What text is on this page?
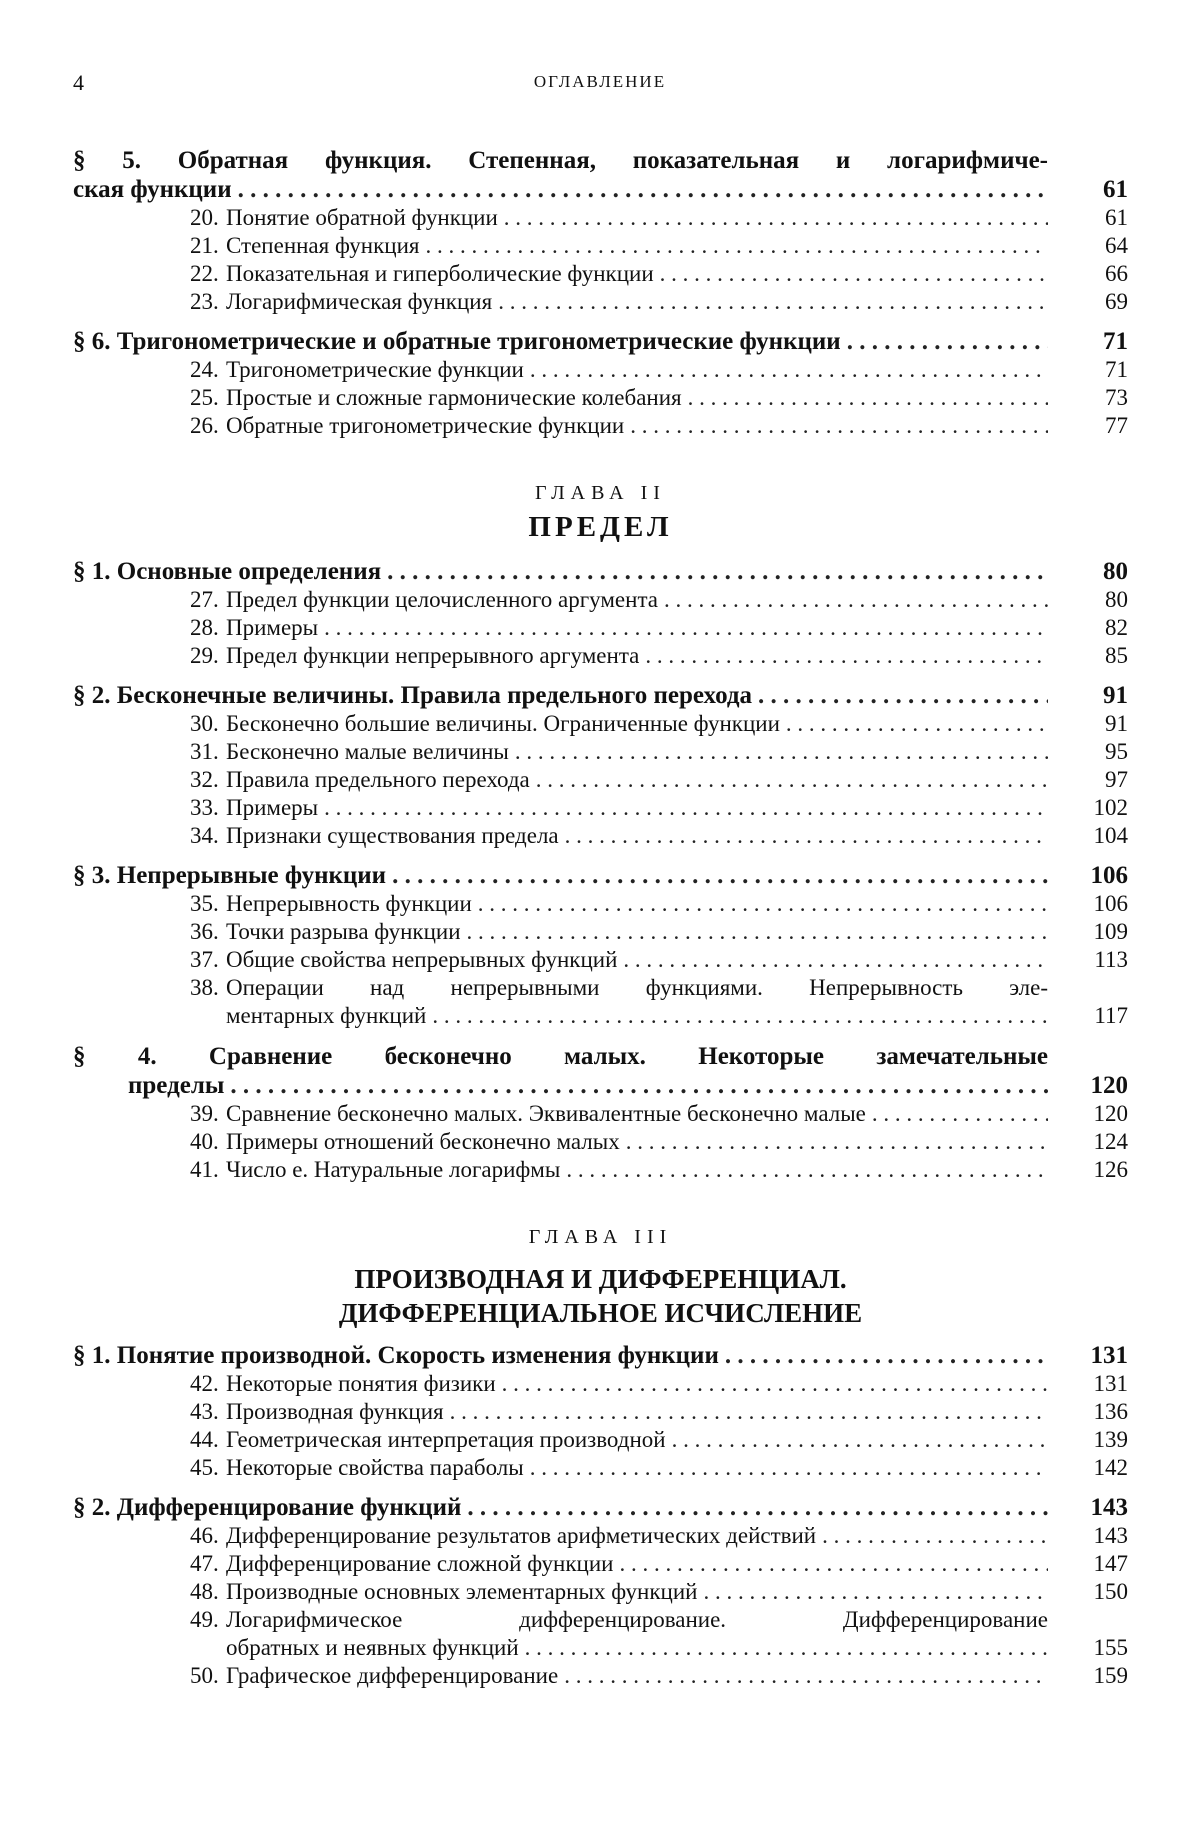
4	ОГЛАВЛЕНИЕ
§ 5. Обратная функция. Степенная, показательная и логарифмиче-
ская функции . . .	61
20. Понятие обратной функции . . .	61
21. Степенная функция . . .	64
22. Показательная и гиперболические функции . . .	66
23. Логарифмическая функция . . .	69
§ 6. Тригонометрические и обратные тригонометрические функции . . .	71
24. Тригонометрические функции . . .	71
25. Простые и сложные гармонические колебания . . .	73
26. Обратные тригонометрические функции . . .	77
ГЛАВА II
ПРЕДЕЛ
§ 1. Основные определения . . .	80
27. Предел функции целочисленного аргумента . . .	80
28. Примеры . . .	82
29. Предел функции непрерывного аргумента . . .	85
§ 2. Бесконечные величины. Правила предельного перехода . . .	91
30. Бесконечно большие величины. Ограниченные функции . . .	91
31. Бесконечно малые величины . . .	95
32. Правила предельного перехода . . .	97
33. Примеры . . .	102
34. Признаки существования предела . . .	104
§ 3. Непрерывные функции . . .	106
35. Непрерывность функции . . .	106
36. Точки разрыва функции . . .	109
37. Общие свойства непрерывных функций . . .	113
38. Операции над непрерывными функциями. Непрерывность эле-
ментарных функций . . .	117
§ 4. Сравнение бесконечно малых. Некоторые замечательные
пределы . . .	120
39. Сравнение бесконечно малых. Эквивалентные бесконечно малые . . .	120
40. Примеры отношений бесконечно малых . . .	124
41. Число e. Натуральные логарифмы . . .	126
ГЛАВА III
ПРОИЗВОДНАЯ И ДИФФЕРЕНЦИАЛ.
ДИФФЕРЕНЦИАЛЬНОЕ ИСЧИСЛЕНИЕ
§ 1. Понятие производной. Скорость изменения функции . . .	131
42. Некоторые понятия физики . . .	131
43. Производная функция . . .	136
44. Геометрическая интерпретация производной . . .	139
45. Некоторые свойства параболы . . .	142
§ 2. Дифференцирование функций . . .	143
46. Дифференцирование результатов арифметических действий . . .	143
47. Дифференцирование сложной функции . . .	147
48. Производные основных элементарных функций . . .	150
49. Логарифмическое дифференцирование. Дифференцирование
обратных и неявных функций . . .	155
50. Графическое дифференцирование . . .	159
